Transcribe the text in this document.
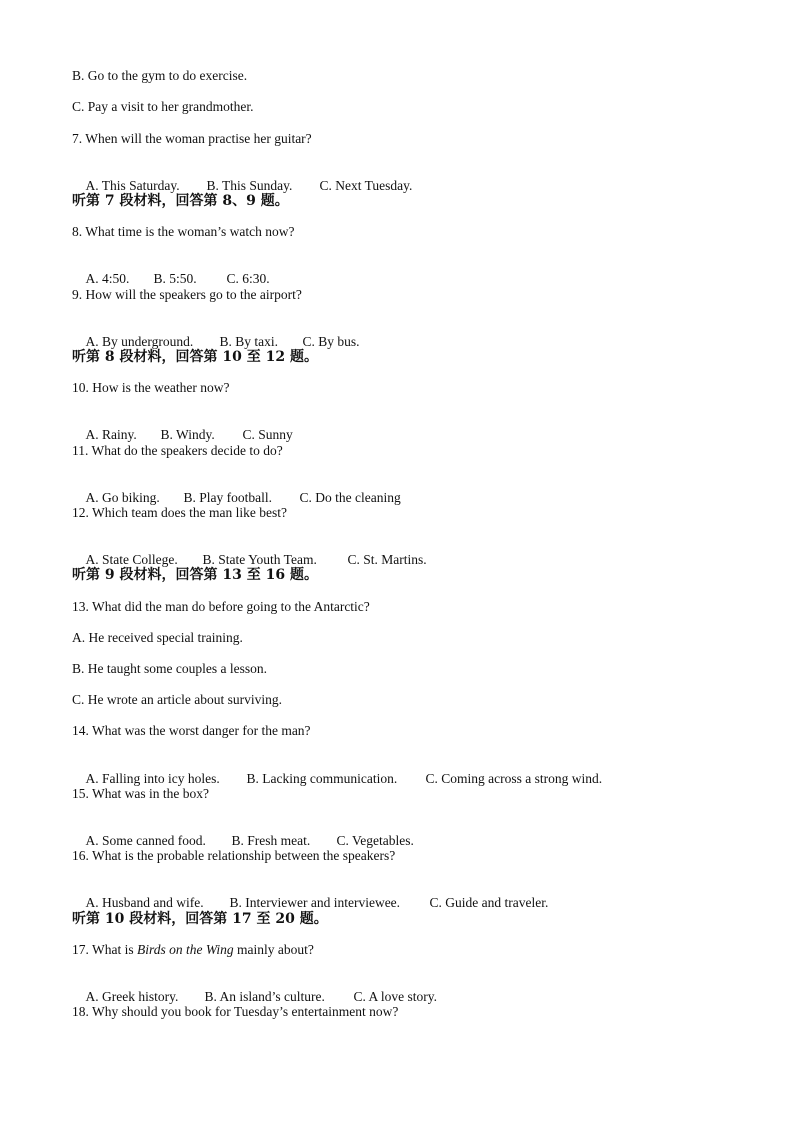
B. Go to the gym to do exercise.
C. Pay a visit to her grandmother.
7. When will the woman practise her guitar?

A. This Saturday. B. This Sunday. C. Next Tuesday.

听第 7 段材料，回答第 8、9 题。
8. What time is the woman’s watch now?

A. 4:50. B. 5:50. C. 6:30.

9. How will the speakers go to the airport?

A. By underground. B. By taxi. C. By bus.

听第 8 段材料，回答第 10 至 12 题。
10. How is the weather now?

A. Rainy. B. Windy. C. Sunny

11. What do the speakers decide to do?

A. Go biking. B. Play football. C. Do the cleaning

12. Which team does the man like best?

A. State College. B. State Youth Team. C. St. Martins.

听第 9 段材料，回答第 13 至 16 题。
13. What did the man do before going to the Antarctic?
A. He received special training.
B. He taught some couples a lesson.
C. He wrote an article about surviving.
14. What was the worst danger for the man?

A. Falling into icy holes. B. Lacking communication. C. Coming across a strong wind.

15. What was in the box?

A. Some canned food. B. Fresh meat. C. Vegetables.

16. What is the probable relationship between the speakers?

A. Husband and wife. B. Interviewer and interviewee. C. Guide and traveler.

听第 10 段材料，回答第 17 至 20 题。
17. What is Birds on the Wing mainly about?

A. Greek history. B. An island’s culture. C. A love story.

18. Why should you book for Tuesday’s entertainment now?
